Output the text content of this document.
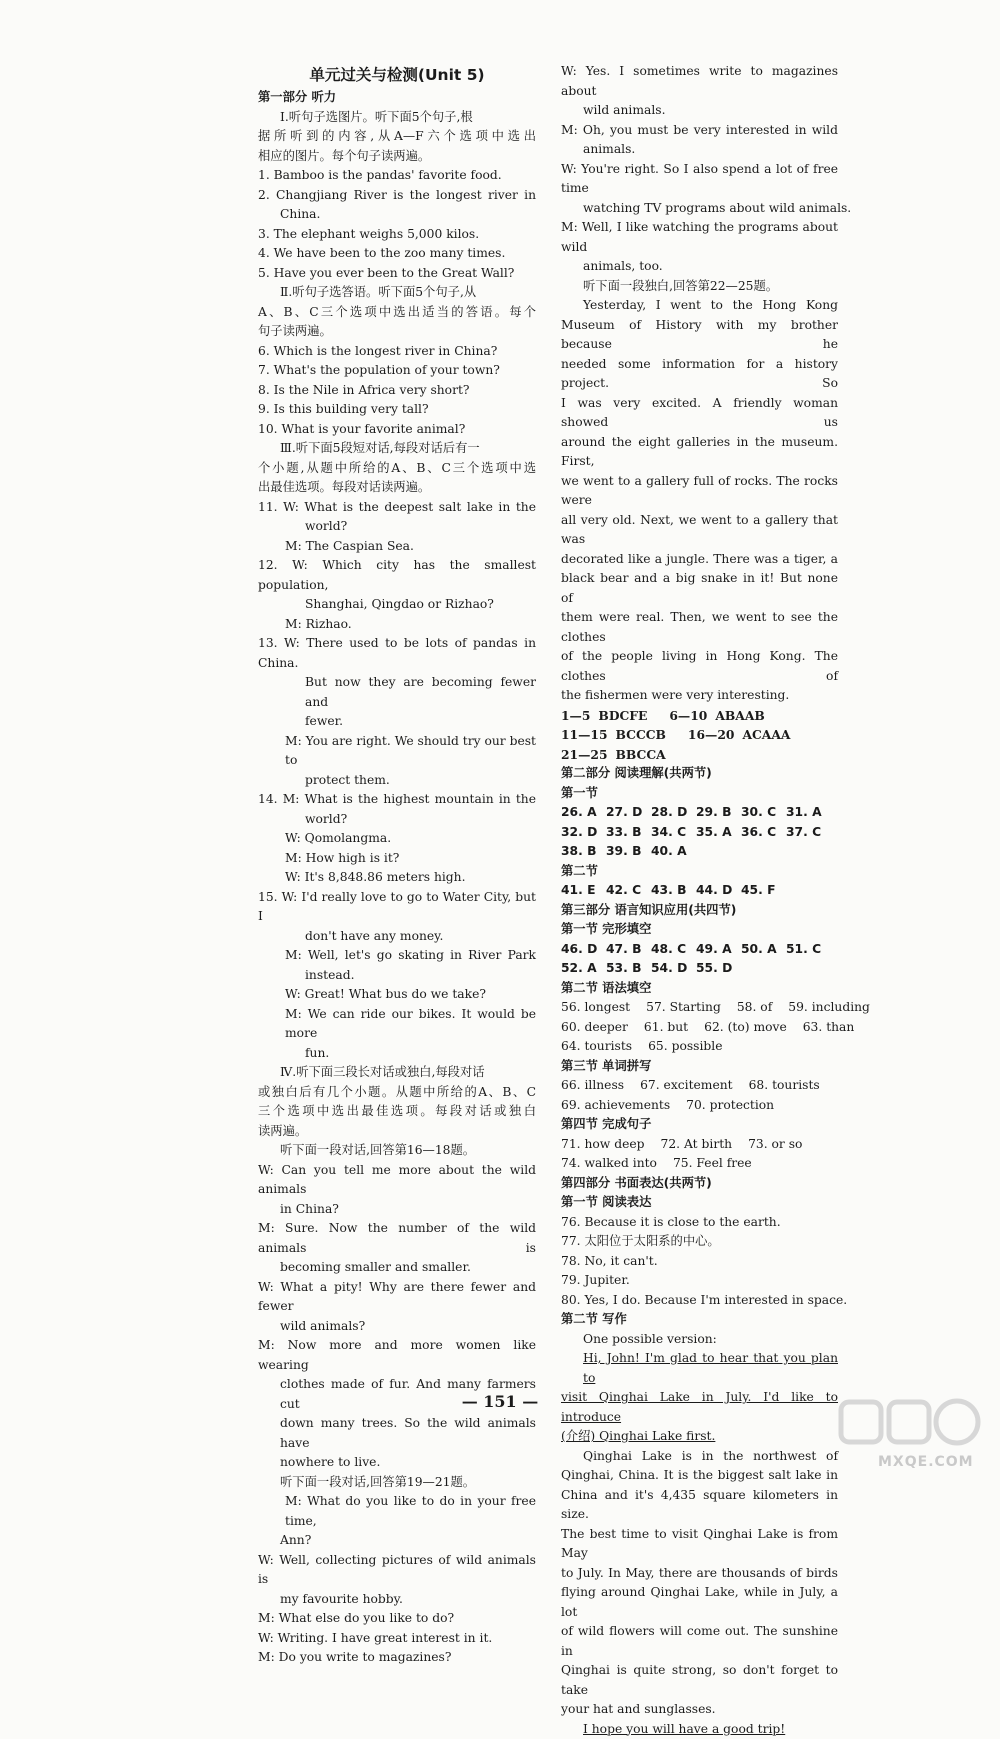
单元过关与检测(Unit 5)
第一部分 听力
Ⅰ.听句子选图片。听下面5个句子,根
据所听到的内容,从A—F六个选项中选出
相应的图片。每个句子读两遍。
1. Bamboo is the pandas' favorite food.
2. Changjiang River is the longest river in
China.
3. The elephant weighs 5,000 kilos.
4. We have been to the zoo many times.
5. Have you ever been to the Great Wall?
Ⅱ.听句子选答语。听下面5个句子,从
A、B、C三个选项中选出适当的答语。每个
句子读两遍。
6. Which is the longest river in China?
7. What's the population of your town?
8. Is the Nile in Africa very short?
9. Is this building very tall?
10. What is your favorite animal?
Ⅲ.听下面5段短对话,每段对话后有一
个小题,从题中所给的A、B、C三个选项中选
出最佳选项。每段对话读两遍。
11. W: What is the deepest salt lake in the
world?
M: The Caspian Sea.
12. W: Which city has the smallest population,
Shanghai, Qingdao or Rizhao?
M: Rizhao.
13. W: There used to be lots of pandas in China.
But now they are becoming fewer and
fewer.
M: You are right. We should try our best to
protect them.
14. M: What is the highest mountain in the
world?
W: Qomolangma.
M: How high is it?
W: It's 8,848.86 meters high.
15. W: I'd really love to go to Water City, but I
don't have any money.
M: Well, let's go skating in River Park
instead.
W: Great! What bus do we take?
M: We can ride our bikes. It would be more
fun.
Ⅳ.听下面三段长对话或独白,每段对话
或独白后有几个小题。从题中所给的A、B、C
三个选项中选出最佳选项。每段对话或独白
读两遍。
听下面一段对话,回答第16—18题。
W: Can you tell me more about the wild animals
in China?
M: Sure. Now the number of the wild animals is
becoming smaller and smaller.
W: What a pity! Why are there fewer and fewer
wild animals?
M: Now more and more women like wearing
clothes made of fur. And many farmers cut
down many trees. So the wild animals have
nowhere to live.
听下面一段对话,回答第19—21题。
M: What do you like to do in your free time,
Ann?
W: Well, collecting pictures of wild animals is
my favourite hobby.
M: What else do you like to do?
W: Writing. I have great interest in it.
M: Do you write to magazines?
W: Yes. I sometimes write to magazines about
wild animals.
M: Oh, you must be very interested in wild
animals.
W: You're right. So I also spend a lot of free time
watching TV programs about wild animals.
M: Well, I like watching the programs about wild
animals, too.
听下面一段独白,回答第22—25题。
Yesterday, I went to the Hong Kong
Museum of History with my brother because he
needed some information for a history project. So
I was very excited. A friendly woman showed us
around the eight galleries in the museum. First,
we went to a gallery full of rocks. The rocks were
all very old. Next, we went to a gallery that was
decorated like a jungle. There was a tiger, a
black bear and a big snake in it! But none of
them were real. Then, we went to see the clothes
of the people living in Hong Kong. The clothes of
the fishermen were very interesting.
1—5 BDCFE 6—10 ABAAB
11—15 BCCCB 16—20 ACAAA
21—25 BBCCA
第二部分 阅读理解(共两节)
第一节
26. A 27. D 28. D 29. B 30. C 31. A
32. D 33. B 34. C 35. A 36. C 37. C
38. B 39. B 40. A
第二节
41. E 42. C 43. B 44. D 45. F
第三部分 语言知识应用(共四节)
第一节 完形填空
46. D 47. B 48. C 49. A 50. A 51. C
52. A 53. B 54. D 55. D
第二节 语法填空
56. longest 57. Starting 58. of 59. including
60. deeper 61. but 62. (to) move 63. than
64. tourists 65. possible
第三节 单词拼写
66. illness 67. excitement 68. tourists
69. achievements 70. protection
第四节 完成句子
71. how deep 72. At birth 73. or so
74. walked into 75. Feel free
第四部分 书面表达(共两节)
第一节 阅读表达
76. Because it is close to the earth.
77. 太阳位于太阳系的中心。
78. No, it can't.
79. Jupiter.
80. Yes, I do. Because I'm interested in space.
第二节 写作
One possible version:
Hi, John! I'm glad to hear that you plan to
visit Qinghai Lake in July. I'd like to introduce
(介绍) Qinghai Lake first.
Qinghai Lake is in the northwest of
Qinghai, China. It is the biggest salt lake in
China and it's 4,435 square kilometers in size.
The best time to visit Qinghai Lake is from May
to July. In May, there are thousands of birds
flying around Qinghai Lake, while in July, a lot
of wild flowers will come out. The sunshine in
Qinghai is quite strong, so don't forget to take
your hat and sunglasses.
I hope you will have a good trip!
— 151 —
MXQE.COM
